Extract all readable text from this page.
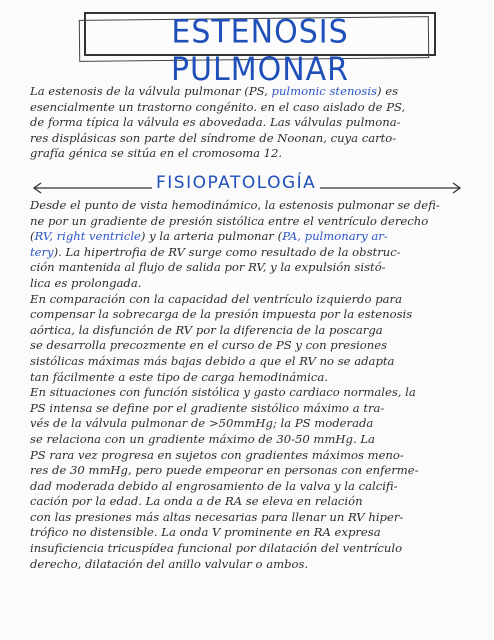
ESTENOSIS PULMONAR
La estenosis de la válvula pulmonar (PS, pulmonic stenosis) es
esencialmente un trastorno congénito. en el caso aislado de PS,
de forma típica la válvula es abovedada. Las válvulas pulmona-
res displásicas son parte del síndrome de Noonan, cuya carto-
grafía génica se sitúa en el cromosoma 12.
FISIOPATOLOGÍA
Desde el punto de vista hemodinámico, la estenosis pulmonar se defi-
ne por un gradiente de presión sistólica entre el ventrículo derecho
(RV, right ventricle) y la arteria pulmonar (PA, pulmonary ar-
tery). La hipertrofia de RV surge como resultado de la obstruc-
ción mantenida al flujo de salida por RV, y la expulsión sistó-
lica es prolongada.
En comparación con la capacidad del ventrículo izquierdo para
compensar la sobrecarga de la presión impuesta por la estenosis
aórtica, la disfunción de RV por la diferencia de la poscarga
se desarrolla precozmente en el curso de PS y con presiones
sistólicas máximas más bajas debido a que el RV no se adapta
tan fácilmente a este tipo de carga hemodinámica.
En situaciones con función sistólica y gasto cardiaco normales, la
PS intensa se define por el gradiente sistólico máximo a tra-
vés de la válvula pulmonar de >50mmHg; la PS moderada
se relaciona con un gradiente máximo de 30-50 mmHg. La
PS rara vez progresa en sujetos con gradientes máximos meno-
res de 30 mmHg, pero puede empeorar en personas con enferme-
dad moderada debido al engrosamiento de la valva y la calcifi-
cación por la edad. La onda a de RA se eleva en relación
con las presiones más altas necesarias para llenar un RV hiper-
trófico no distensible. La onda V prominente en RA expresa
insuficiencia tricuspídea funcional por dilatación del ventrículo
derecho, dilatación del anillo valvular o ambos.
